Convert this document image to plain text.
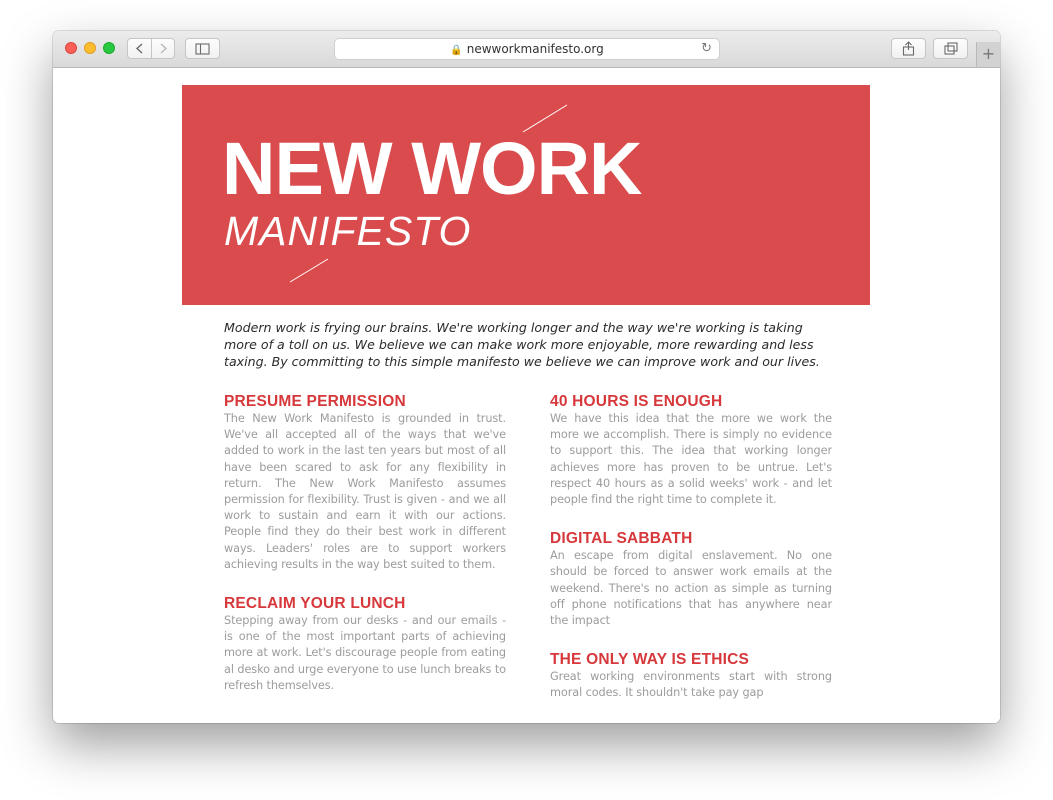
🔒 newworkmanifesto.org	↻	+
NEW WORK
MANIFESTO

Modern work is frying our brains. We're working longer and the way we're working is taking more of a toll on us. We believe we can make work more enjoyable, more rewarding and less taxing. By committing to this simple manifesto we believe we can improve work and our lives.

PRESUME PERMISSION

The New Work Manifesto is grounded in trust. We've all accepted all of the ways that we've added to work in the last ten years but most of all have been scared to ask for any flexibility in return. The New Work Manifesto assumes permission for flexibility. Trust is given - and we all work to sustain and earn it with our actions. People find they do their best work in different ways. Leaders' roles are to support workers achieving results in the way best suited to them.

RECLAIM YOUR LUNCH

Stepping away from our desks - and our emails - is one of the most important parts of achieving more at work. Let's discourage people from eating al desko and urge everyone to use lunch breaks to refresh themselves.

40 HOURS IS ENOUGH

We have this idea that the more we work the more we accomplish. There is simply no evidence to support this. The idea that working longer achieves more has proven to be untrue. Let's respect 40 hours as a solid weeks' work - and let people find the right time to complete it.

DIGITAL SABBATH

An escape from digital enslavement. No one should be forced to answer work emails at the weekend. There's no action as simple as turning off phone notifications that has anywhere near the impact

THE ONLY WAY IS ETHICS

Great working environments start with strong moral codes. It shouldn't take pay gap
